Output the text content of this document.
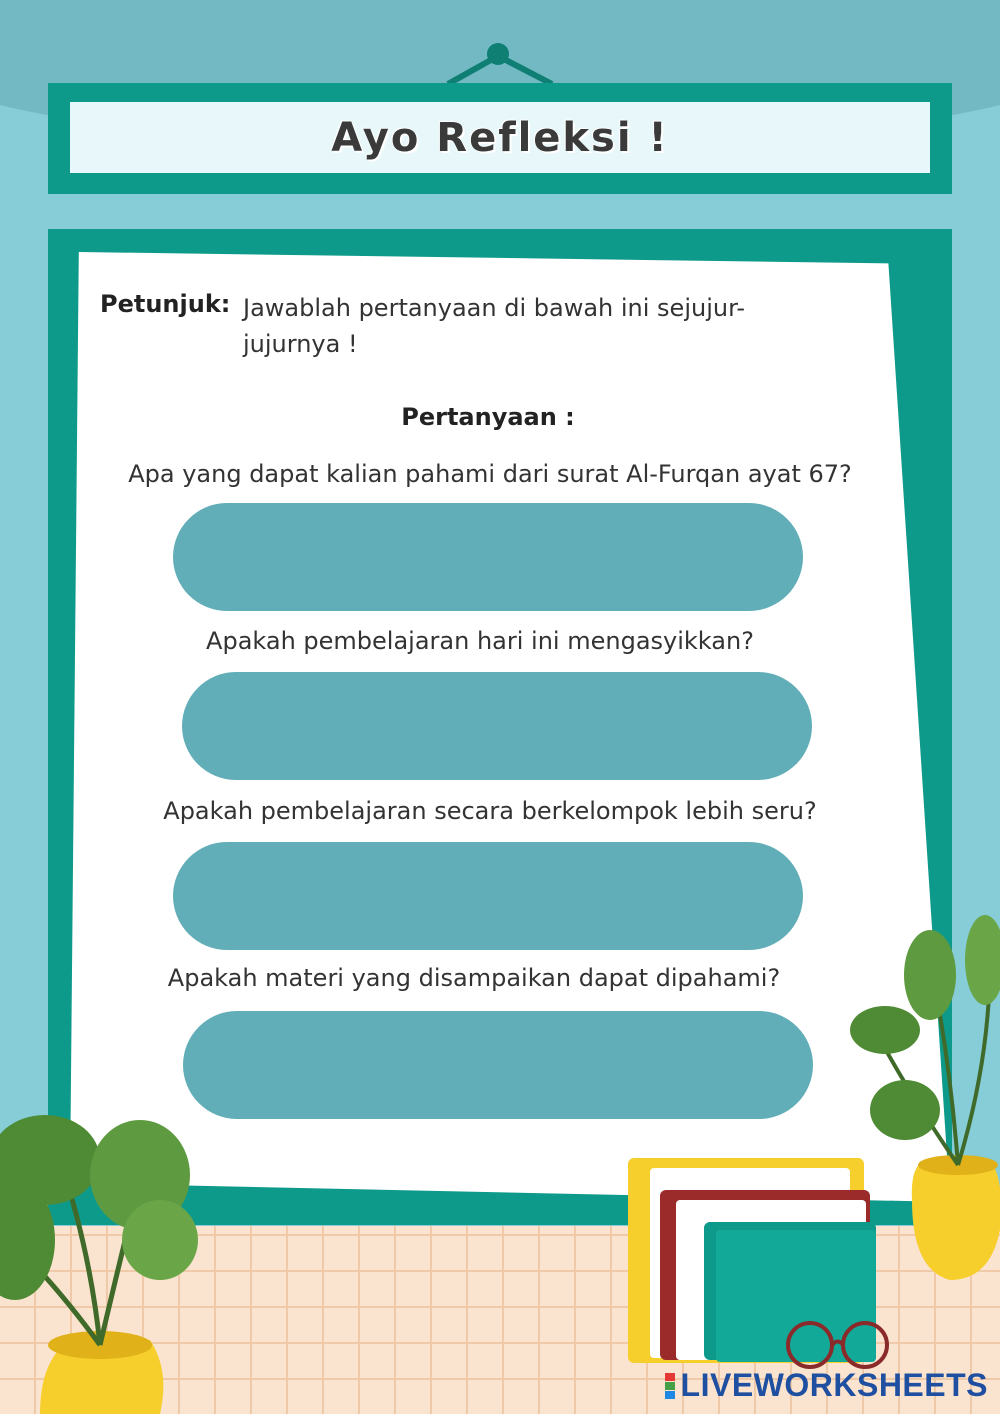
Ayo Refleksi !
Petunjuk: Jawablah pertanyaan di bawah ini sejujur-jujurnya !
Pertanyaan :
Apa yang dapat kalian pahami dari surat Al-Furqan ayat 67?
Apakah pembelajaran hari ini mengasyikkan?
Apakah pembelajaran secara berkelompok lebih seru?
Apakah materi yang disampaikan dapat dipahami?
LIVEWORKSHEETS
